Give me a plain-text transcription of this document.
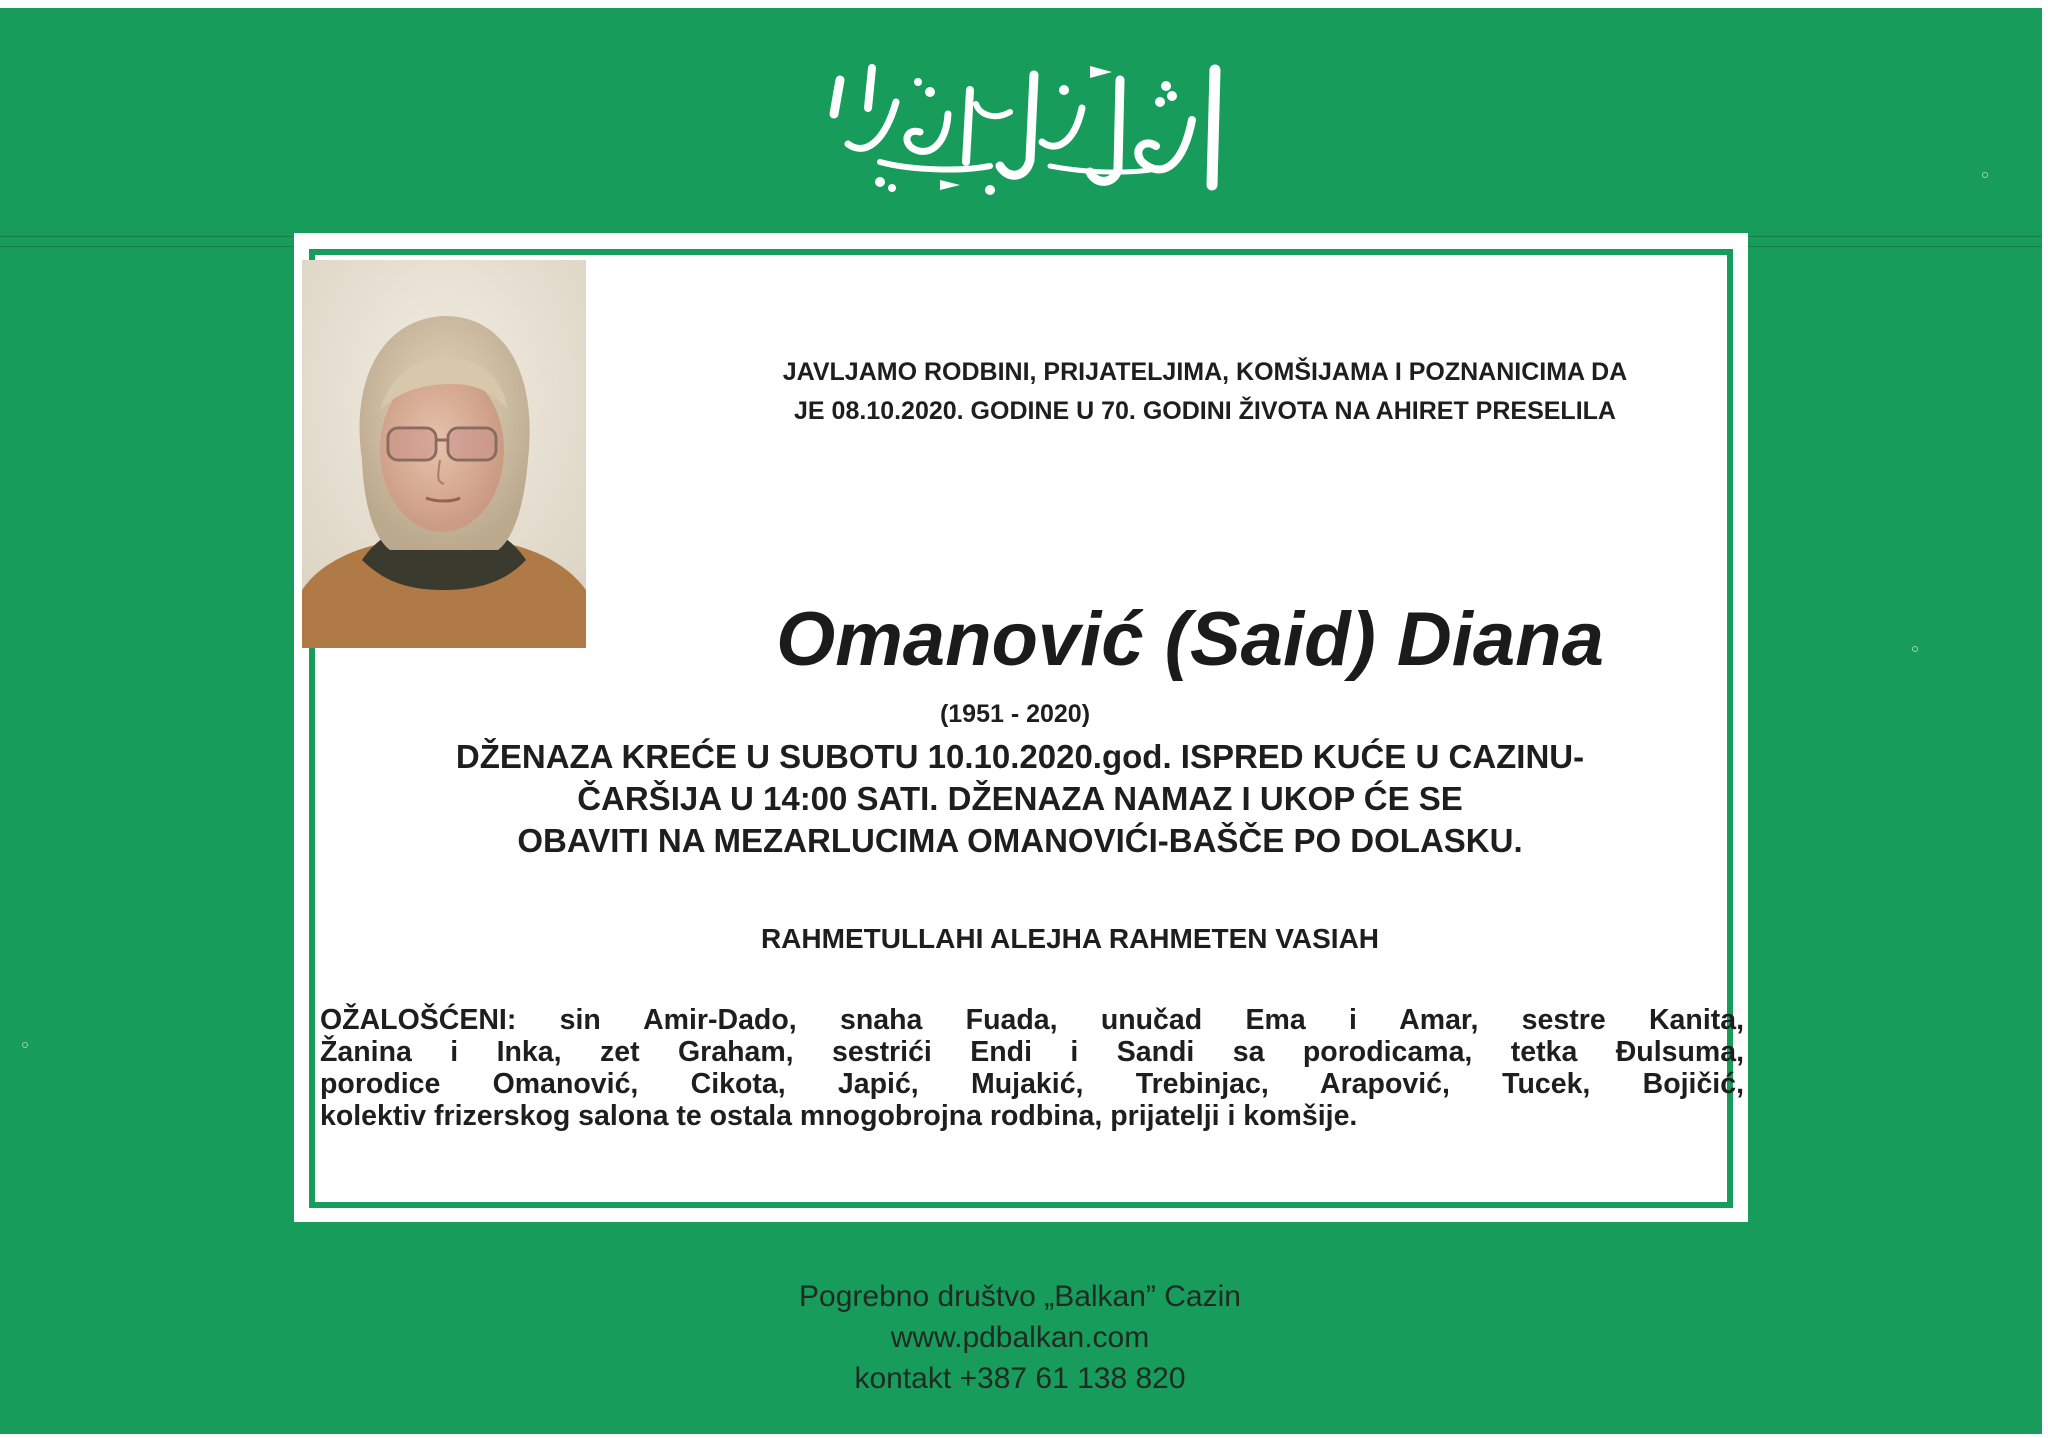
JAVLJAMO RODBINI, PRIJATELJIMA, KOMŠIJAMA I POZNANICIMA DA
JE 08.10.2020. GODINE U 70. GODINI ŽIVOTA NA AHIRET PRESELILA

Omanović (Said) Diana
(1951 - 2020)
DŽENAZA KREĆE U SUBOTU 10.10.2020.god. ISPRED KUĆE U CAZINU-
ČARŠIJA U 14:00 SATI. DŽENAZA NAMAZ I UKOP ĆE SE
OBAVITI NA MEZARLUCIMA OMANOVIĆI-BAŠČE PO DOLASKU.
RAHMETULLAHI ALEJHA RAHMETEN VASIAH
OŽALOŠĆENI: sin Amir-Dado, snaha Fuada, unučad Ema i Amar, sestre Kanita,
Žanina i Inka, zet Graham, sestrići Endi i Sandi sa porodicama, tetka Đulsuma,
porodice Omanović, Cikota, Japić, Mujakić, Trebinjac, Arapović, Tucek, Bojičić,
kolektiv frizerskog salona te ostala mnogobrojna rodbina, prijatelji i komšije.
Pogrebno društvo „Balkan” Cazin
www.pdbalkan.com
kontakt +387 61 138 820
